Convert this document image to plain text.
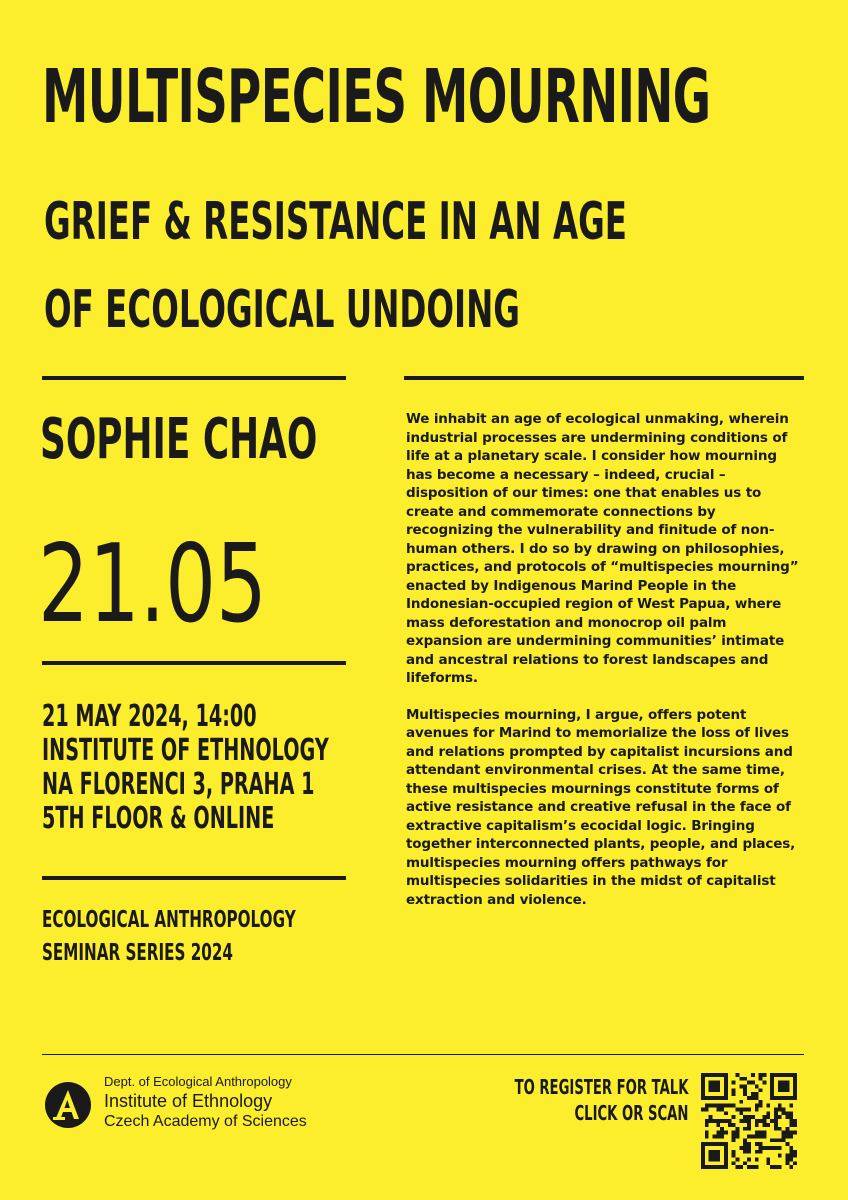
MULTISPECIES MOURNING
GRIEF & RESISTANCE IN AN AGE
OF ECOLOGICAL UNDOING
SOPHIE CHAO
21.05
21 MAY 2024, 14:00
INSTITUTE OF ETHNOLOGY
NA FLORENCI 3, PRAHA 1
5TH FLOOR & ONLINE
ECOLOGICAL ANTHROPOLOGY
SEMINAR SERIES 2024

We inhabit an age of ecological unmaking, wherein industrial processes are undermining conditions of life at a planetary scale. I consider how mourning has become a necessary – indeed, crucial – disposition of our times: one that enables us to create and commemorate connections by recognizing the vulnerability and finitude of non-human others. I do so by drawing on philosophies, practices, and protocols of “multispecies mourning” enacted by Indigenous Marind People in the Indonesian-occupied region of West Papua, where mass deforestation and monocrop oil palm expansion are undermining communities’ intimate and ancestral relations to forest landscapes and lifeforms.

Multispecies mourning, I argue, offers potent avenues for Marind to memorialize the loss of lives and relations prompted by capitalist incursions and attendant environmental crises. At the same time, these multispecies mournings constitute forms of active resistance and creative refusal in the face of extractive capitalism’s ecocidal logic. Bringing together interconnected plants, people, and places, multispecies mourning offers pathways for multispecies solidarities in the midst of capitalist extraction and violence.

Dept. of Ecological Anthropology
Institute of Ethnology
Czech Academy of Sciences
TO REGISTER FOR TALK
CLICK OR SCAN
